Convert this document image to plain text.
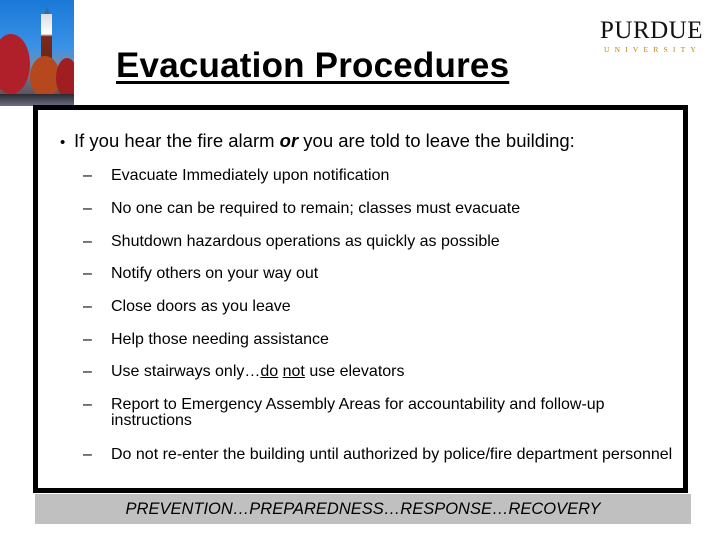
PURDUE
UNIVERSITY
Evacuation Procedures
• If you hear the fire alarm or you are told to leave the building:
–	Evacuate Immediately upon notification
–	No one can be required to remain; classes must evacuate
–	Shutdown hazardous operations as quickly as possible
–	Notify others on your way out
–	Close doors as you leave
–	Help those needing assistance
–	Use stairways only…do not use elevators
–	Report to Emergency Assembly Areas for accountability and follow-up instructions
–	Do not re-enter the building until authorized by police/fire department personnel
PREVENTION…PREPAREDNESS…RESPONSE…RECOVERY
